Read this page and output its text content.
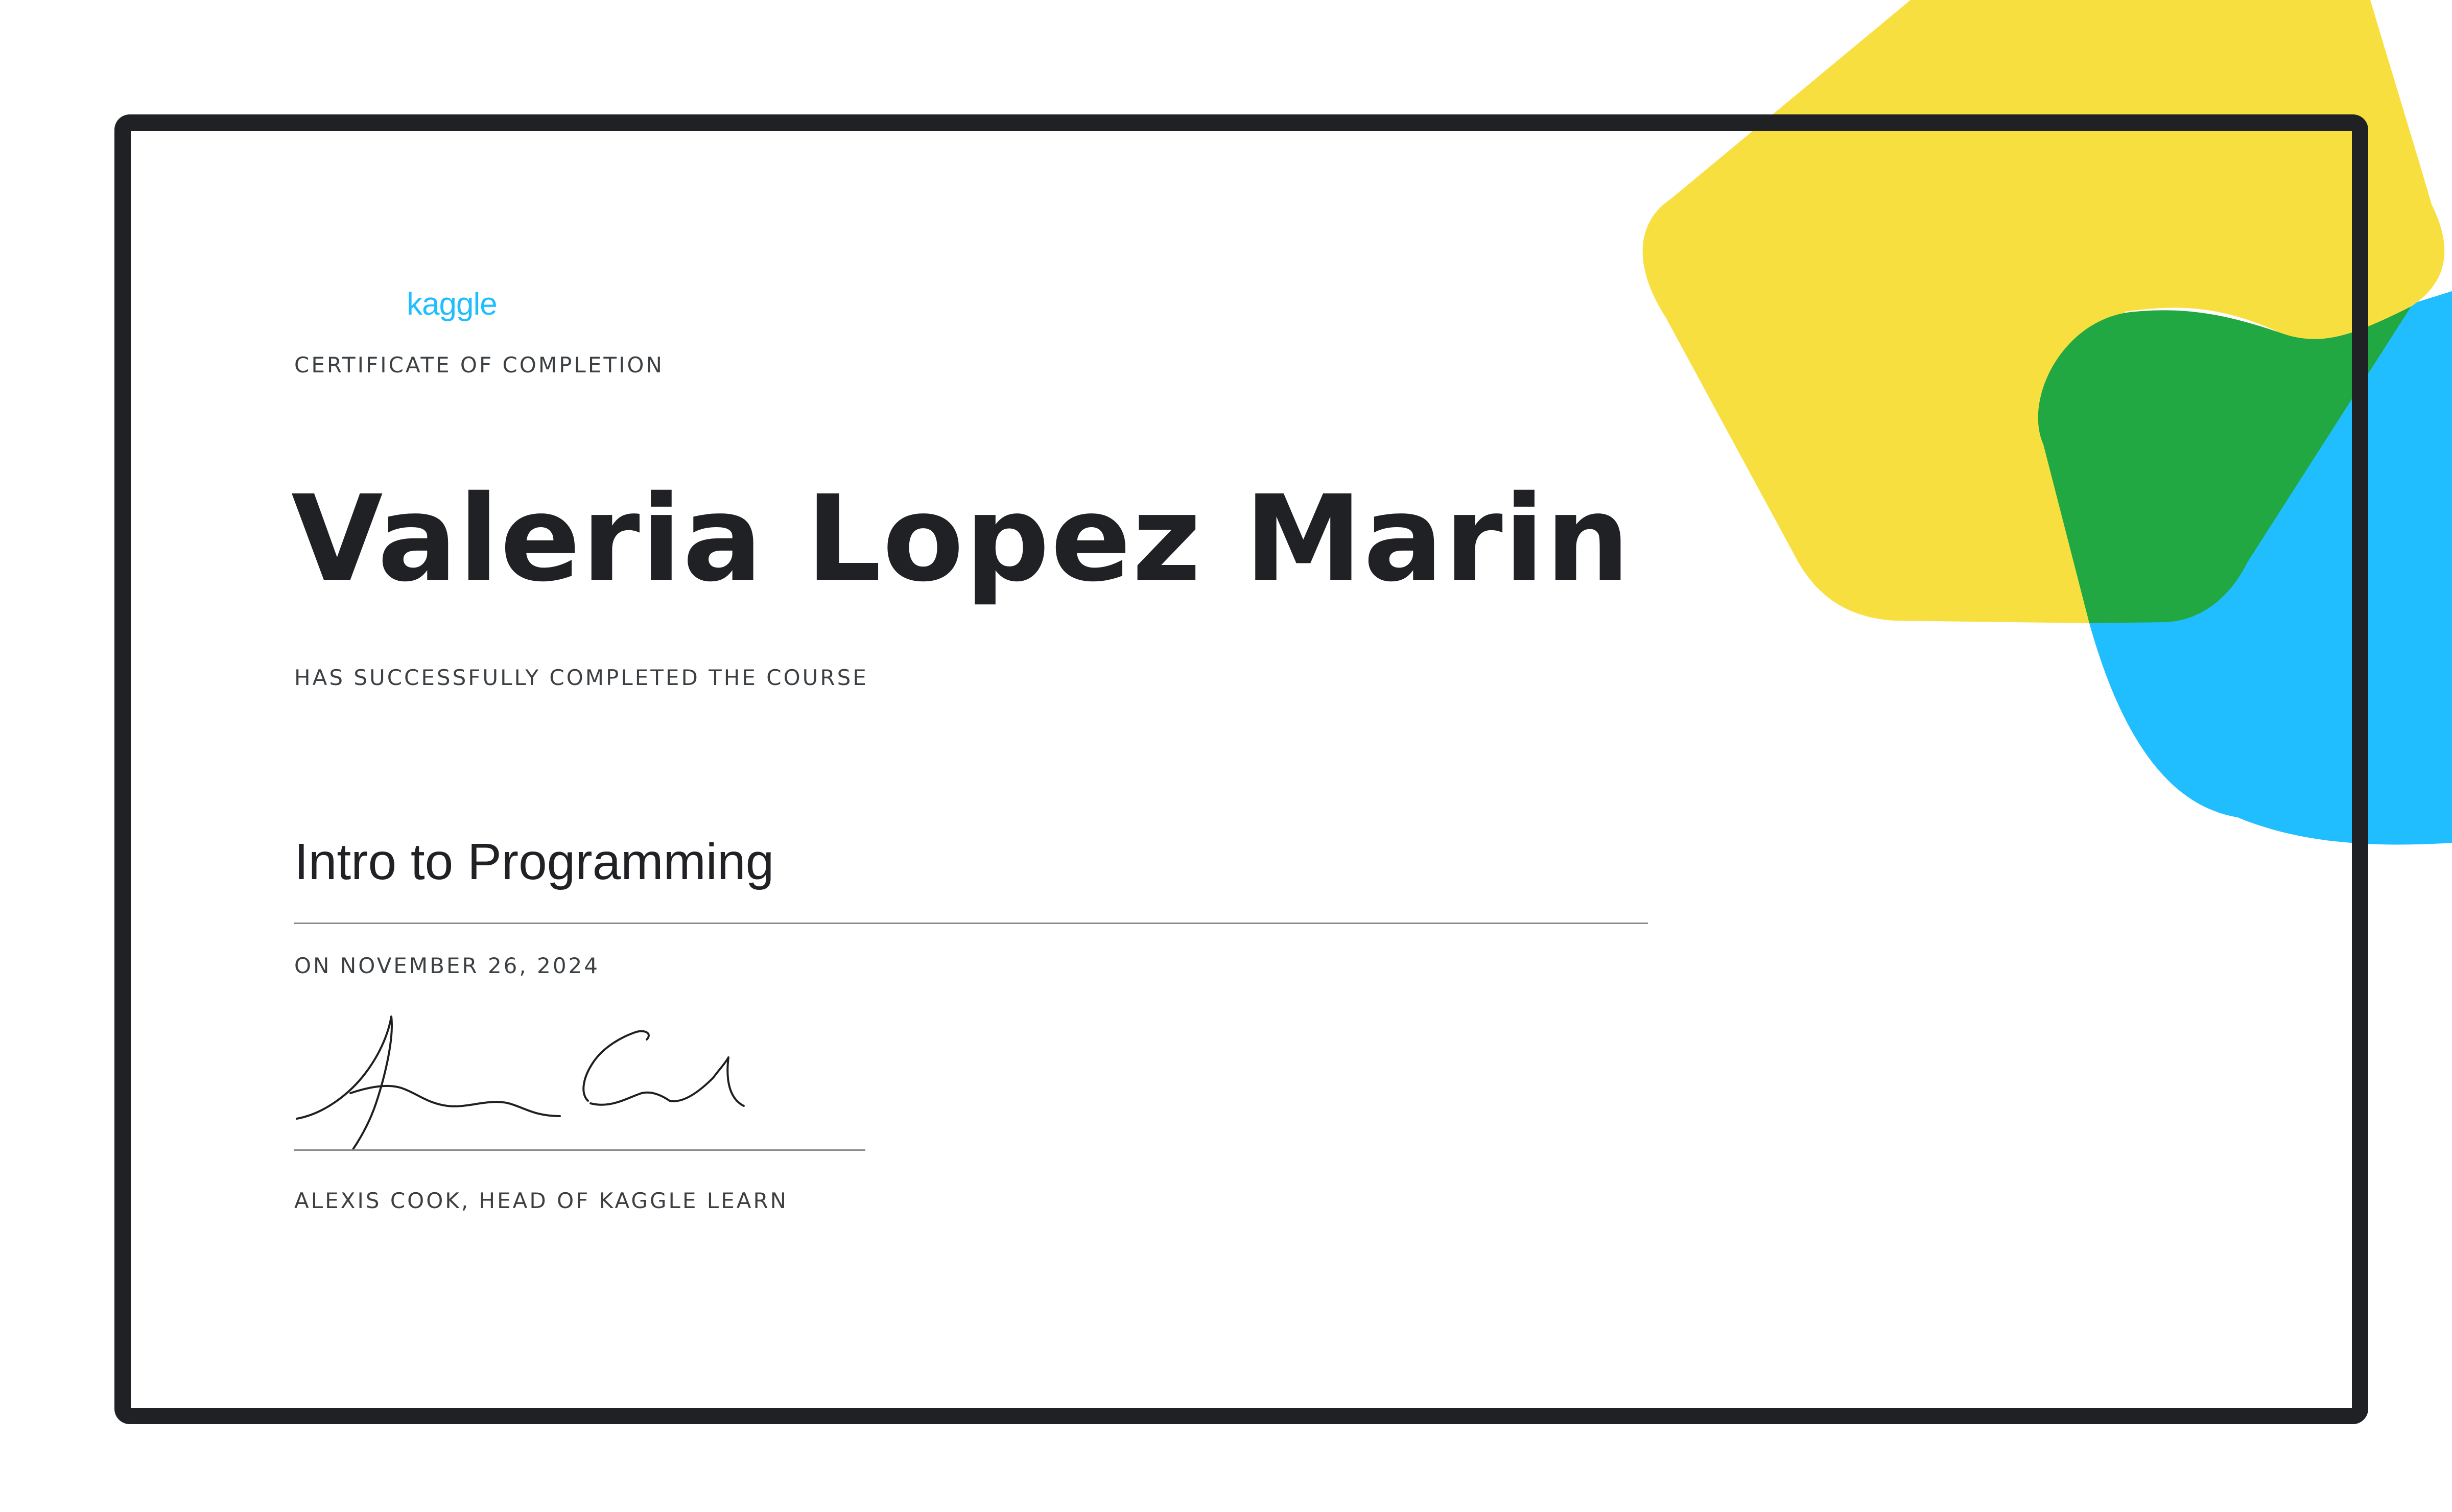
kaggle
CERTIFICATE OF COMPLETION
Valeria Lopez Marin
HAS SUCCESSFULLY COMPLETED THE COURSE
Intro to Programming
ON NOVEMBER 26, 2024
ALEXIS COOK, HEAD OF KAGGLE LEARN
